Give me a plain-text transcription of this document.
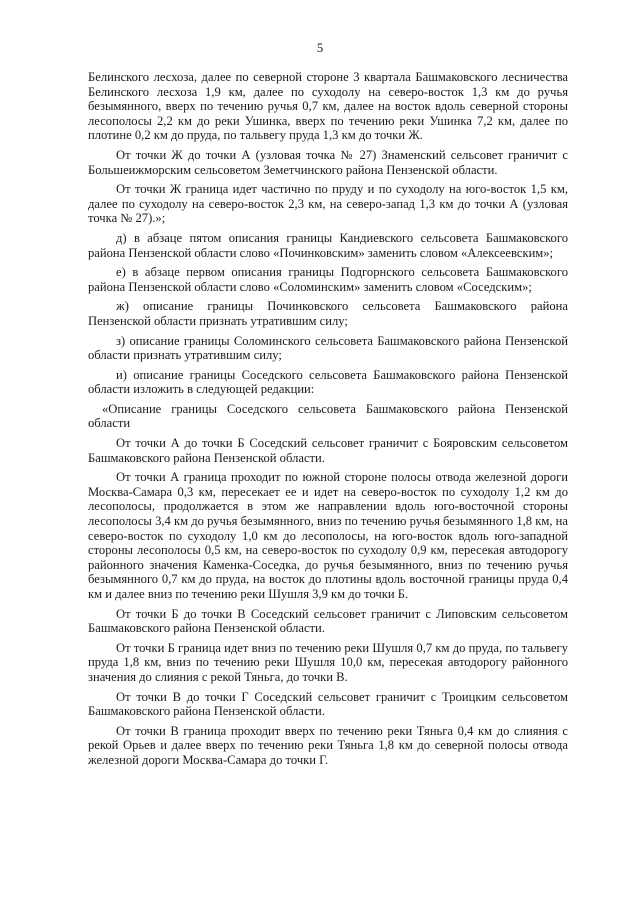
5

Белинского лесхоза, далее по северной стороне 3 квартала Башмаковского лесничества Белинского лесхоза 1,9 км, далее по суходолу на северо-восток 1,3 км до ручья безымянного, вверх по течению ручья 0,7 км, далее на восток вдоль северной стороны лесополосы 2,2 км до реки Ушинка, вверх по течению реки Ушинка 7,2 км, далее по плотине 0,2 км до пруда, по тальвегу пруда 1,3 км до точки Ж.

От точки Ж до точки А (узловая точка № 27) Знаменский сельсовет граничит с Большеижморским сельсоветом Земетчинского района Пензенской области.

От точки Ж граница идет частично по пруду и по суходолу на юго-восток 1,5 км, далее по суходолу на северо-восток 2,3 км, на северо-запад 1,3 км до точки А (узловая точка № 27).»;

д) в абзаце пятом описания границы Кандиевского сельсовета Башмаковского района Пензенской области слово «Починковским» заменить словом «Алексеевским»;

е) в абзаце первом описания границы Подгорнского сельсовета Башмаковского района Пензенской области слово «Соломинским» заменить словом «Соседским»;

ж) описание границы Починковского сельсовета Башмаковского района Пензенской области признать утратившим силу;

з) описание границы Соломинского сельсовета Башмаковского района Пензенской области признать утратившим силу;

и) описание границы Соседского сельсовета Башмаковского района Пензенской области изложить в следующей редакции:

«Описание границы Соседского сельсовета Башмаковского района Пензенской области

От точки А до точки Б Соседский сельсовет граничит с Бояровским сельсоветом Башмаковского района Пензенской области.

От точки А граница проходит по южной стороне полосы отвода железной дороги Москва-Самара 0,3 км, пересекает ее и идет на северо-восток по суходолу 1,2 км до лесополосы, продолжается в этом же направлении вдоль юго-восточной стороны лесополосы 3,4 км до ручья безымянного, вниз по течению ручья безымянного 1,8 км, на северо-восток по суходолу 1,0 км до лесополосы, на юго-восток вдоль юго-западной стороны лесополосы 0,5 км, на северо-восток по суходолу 0,9 км, пересекая автодорогу районного значения Каменка-Соседка, до ручья безымянного, вниз по течению ручья безымянного 0,7 км до пруда, на восток до плотины вдоль восточной границы пруда 0,4 км и далее вниз по течению реки Шушля 3,9 км до точки Б.

От точки Б до точки В Соседский сельсовет граничит с Липовским сельсоветом Башмаковского района Пензенской области.

От точки Б граница идет вниз по течению реки Шушля 0,7 км до пруда, по тальвегу пруда 1,8 км, вниз по течению реки Шушля 10,0 км, пересекая автодорогу районного значения до слияния с рекой Тяньга, до точки В.

От точки В до точки Г Соседский сельсовет граничит с Троицким сельсоветом Башмаковского района Пензенской области.

От точки В граница проходит вверх по течению реки Тяньга 0,4 км до слияния с рекой Орьев и далее вверх по течению реки Тяньга 1,8 км до северной полосы отвода железной дороги Москва-Самара до точки Г.
